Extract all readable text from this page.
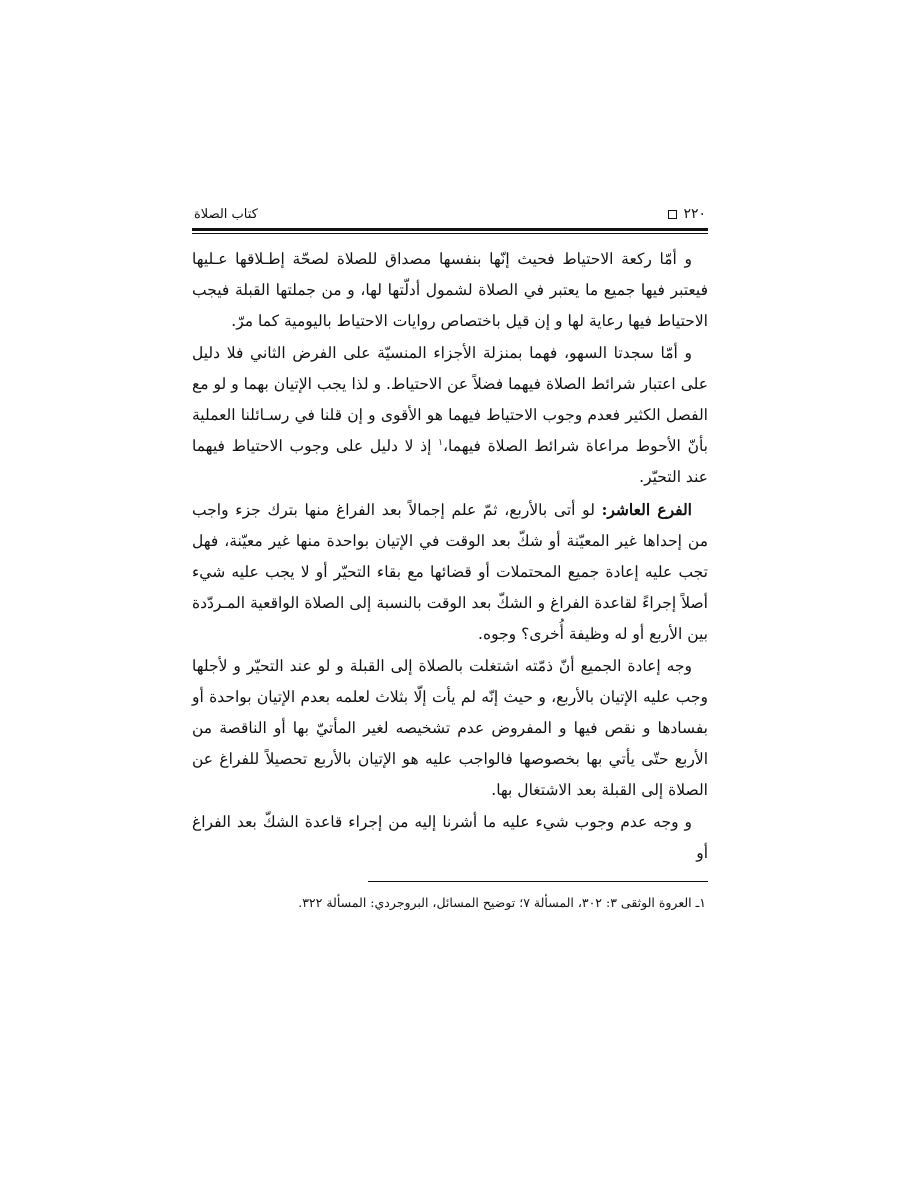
۲۲۰
كتاب الصلاة

و أمّا ركعة الاحتياط فحيث إنّها بنفسها مصداق للصلاة لصحّة إطـلاقها عـليها فيعتبر فيها جميع ما يعتبر في الصلاة لشمول أدلّتها لها، و من جملتها القبلة فيجب الاحتياط فيها رعاية لها و إن قيل باختصاص روايات الاحتياط باليومية كما مرّ.

و أمّا سجدتا السهو، فهما بمنزلة الأجزاء المنسيّة على الفرض الثاني فلا دليل على اعتبار شرائط الصلاة فيهما فضلاً عن الاحتياط. و لذا يجب الإتيان بهما و لو مع الفصل الكثير فعدم وجوب الاحتياط فيهما هو الأقوى و إن قلنا في رسـائلنا العملية بأنّ الأحوط مراعاة شرائط الصلاة فيهما،$^١$ إذ لا دليل على وجوب الاحتياط فيهما عند التحيّر.

الفرع العاشر: لو أتى بالأربع، ثمّ علم إجمالاً بعد الفراغ منها بترك جزء واجب من إحداها غير المعيّنة أو شكّ بعد الوقت في الإتيان بواحدة منها غير معيّنة، فهل تجب عليه إعادة جميع المحتملات أو قضائها مع بقاء التحيّر أو لا يجب عليه شيء أصلاً إجراءً لقاعدة الفراغ و الشكّ بعد الوقت بالنسبة إلى الصلاة الواقعية المـردّدة بين الأربع أو له وظيفة أُخرى؟ وجوه.

وجه إعادة الجميع أنّ ذمّته اشتغلت بالصلاة إلى القبلة و لو عند التحيّر و لأجلها وجب عليه الإتيان بالأربع، و حيث إنّه لم يأت إلّا بثلاث لعلمه بعدم الإتيان بواحدة أو بفسادها و نقص فيها و المفروض عدم تشخيصه لغير المأتيّ بها أو الناقصة من الأربع حتّى يأتي بها بخصوصها فالواجب عليه هو الإتيان بالأربع تحصيلاً للفراغ عن الصلاة إلى القبلة بعد الاشتغال بها.

و وجه عدم وجوب شيء عليه ما أشرنا إليه من إجراء قاعدة الشكّ بعد الفراغ أو

١ـ العروة الوثقى ٣: ٣٠٢، المسألة ٧؛ توضيح المسائل، البروجردي: المسألة ٣٢٢.
